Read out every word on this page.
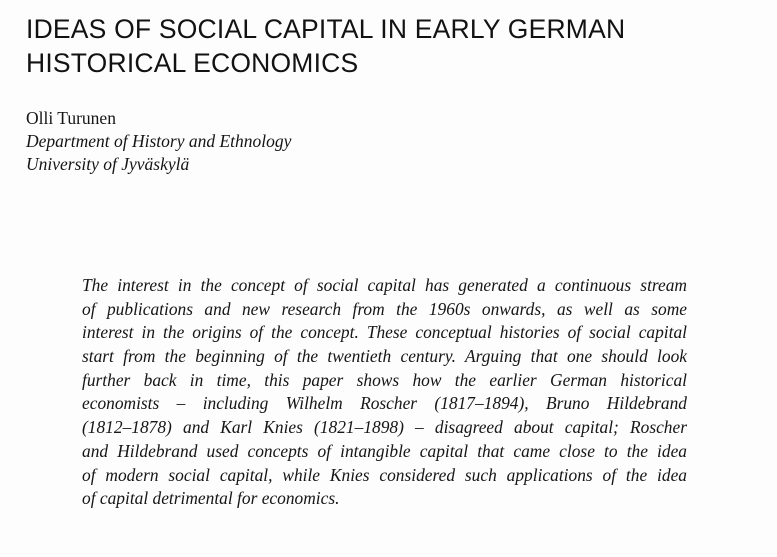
IDEAS OF SOCIAL CAPITAL IN EARLY GERMAN
HISTORICAL ECONOMICS
Olli Turunen
Department of History and Ethnology
University of Jyväskylä
The interest in the concept of social capital has generated a continuous stream
of publications and new research from the 1960s onwards, as well as some
interest in the origins of the concept. These conceptual histories of social capital
start from the beginning of the twentieth century. Arguing that one should look
further back in time, this paper shows how the earlier German historical
economists – including Wilhelm Roscher (1817–1894), Bruno Hildebrand
(1812–1878) and Karl Knies (1821–1898) – disagreed about capital; Roscher
and Hildebrand used concepts of intangible capital that came close to the idea
of modern social capital, while Knies considered such applications of the idea
of capital detrimental for economics.
